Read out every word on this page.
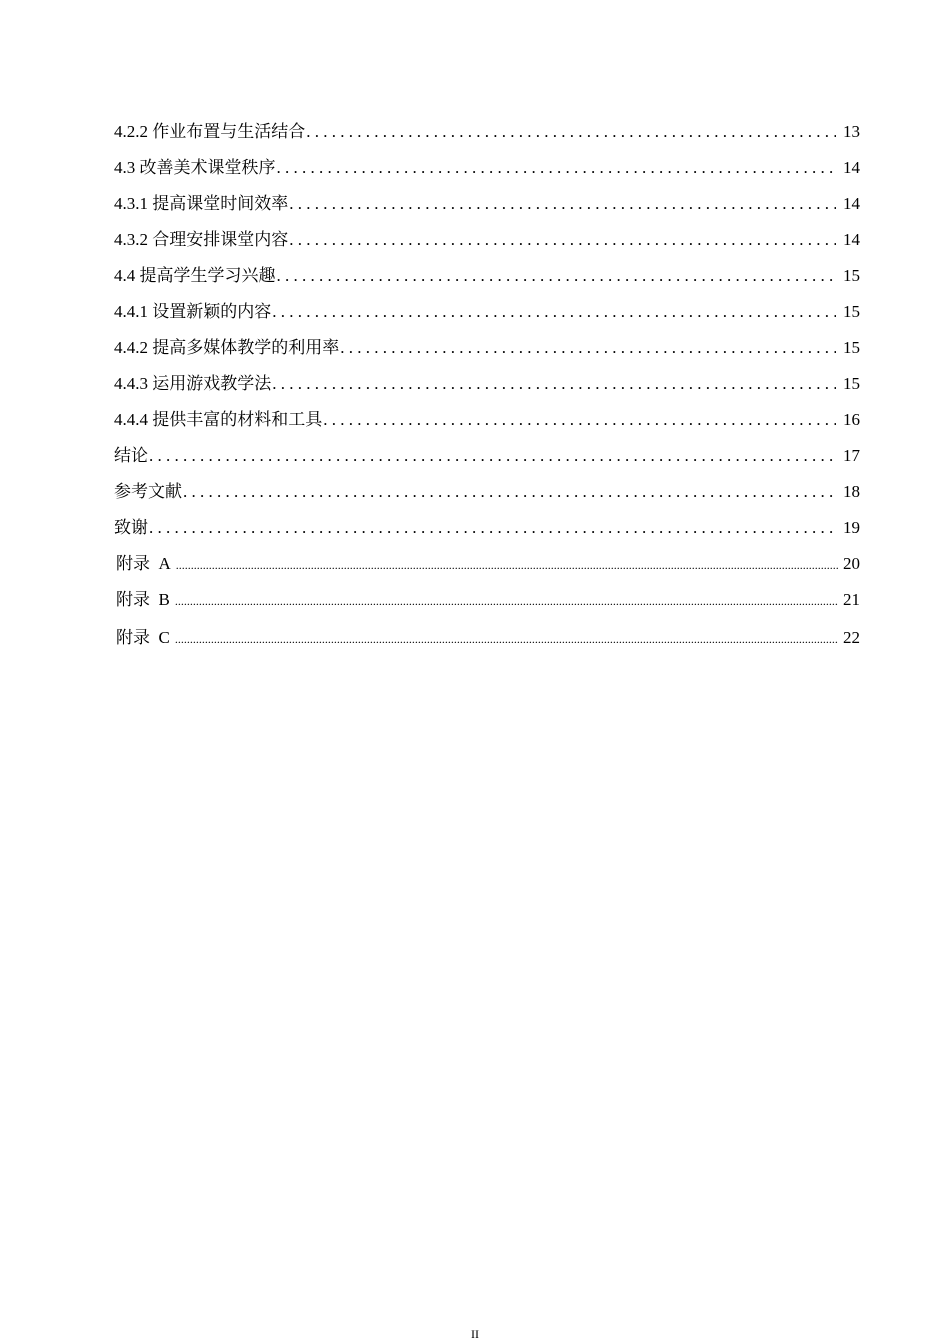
4.2.2 作业布置与生活结合 . . .	13
4.3 改善美术课堂秩序 . . .	14
4.3.1 提高课堂时间效率 . . .	14
4.3.2 合理安排课堂内容 . . .	14
4.4 提高学生学习兴趣 . . .	15
4.4.1 设置新颖的内容 . . .	15
4.4.2 提高多媒体教学的利用率 . . .	15
4.4.3 运用游戏教学法 . . .	15
4.4.4 提供丰富的材料和工具 . . .	16
结论 . . .	17
参考文献 . . .	18
致谢 . . .	19
附录  A .....	20
附录  B .....	21
附录  C .....	22
II
